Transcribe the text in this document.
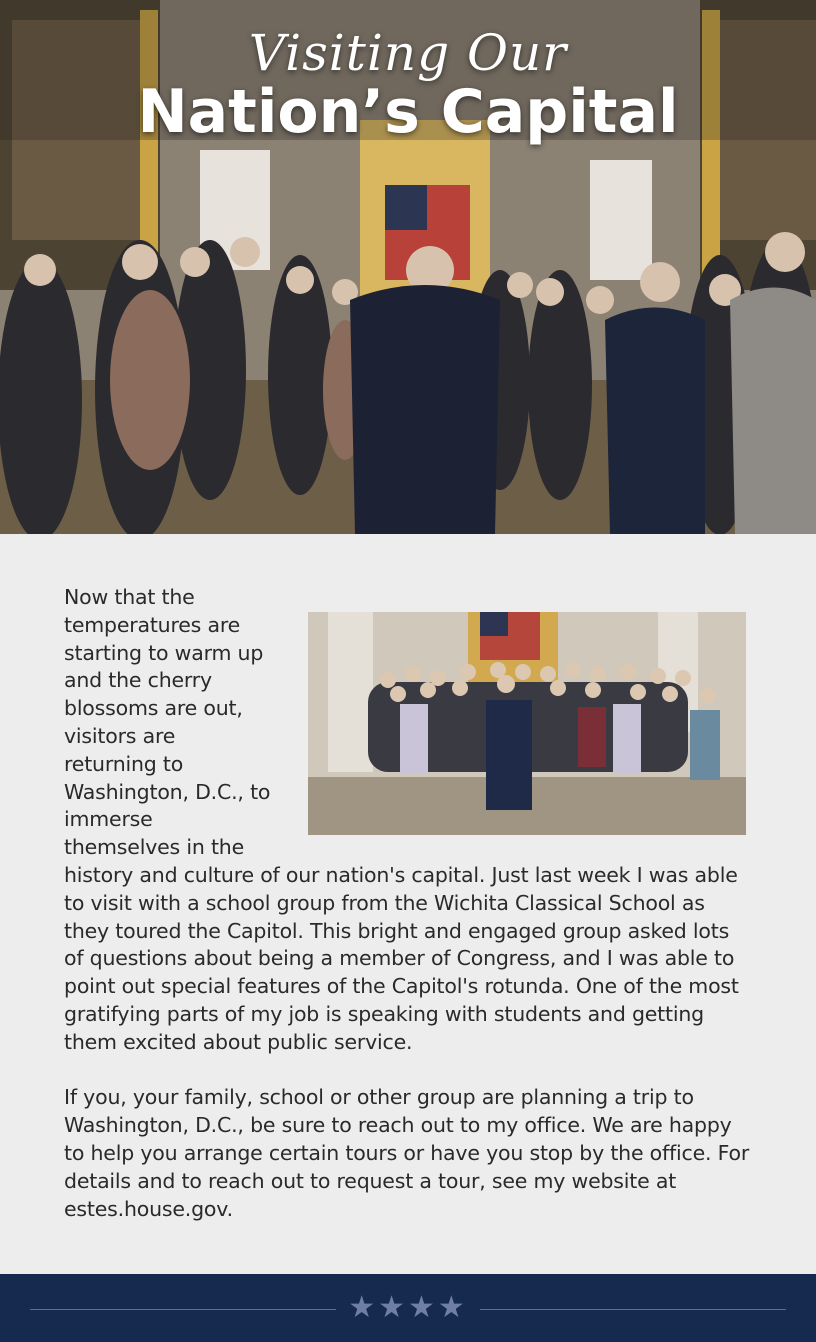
Visiting Our
Nation’s Capital

Now that the temperatures are starting to warm up and the cherry blossoms are out, visitors are returning to Washington, D.C., to immerse themselves in the history and culture of our nation's capital. Just last week I was able to visit with a school group from the Wichita Classical School as they toured the Capitol. This bright and engaged group asked lots of questions about being a member of Congress, and I was able to point out special features of the Capitol's rotunda. One of the most gratifying parts of my job is speaking with students and getting them excited about public service.

If you, your family, school or other group are planning a trip to Washington, D.C., be sure to reach out to my office. We are happy to help you arrange certain tours or have you stop by the office. For details and to reach out to request a tour, see my website at estes.house.gov.

★★★★
